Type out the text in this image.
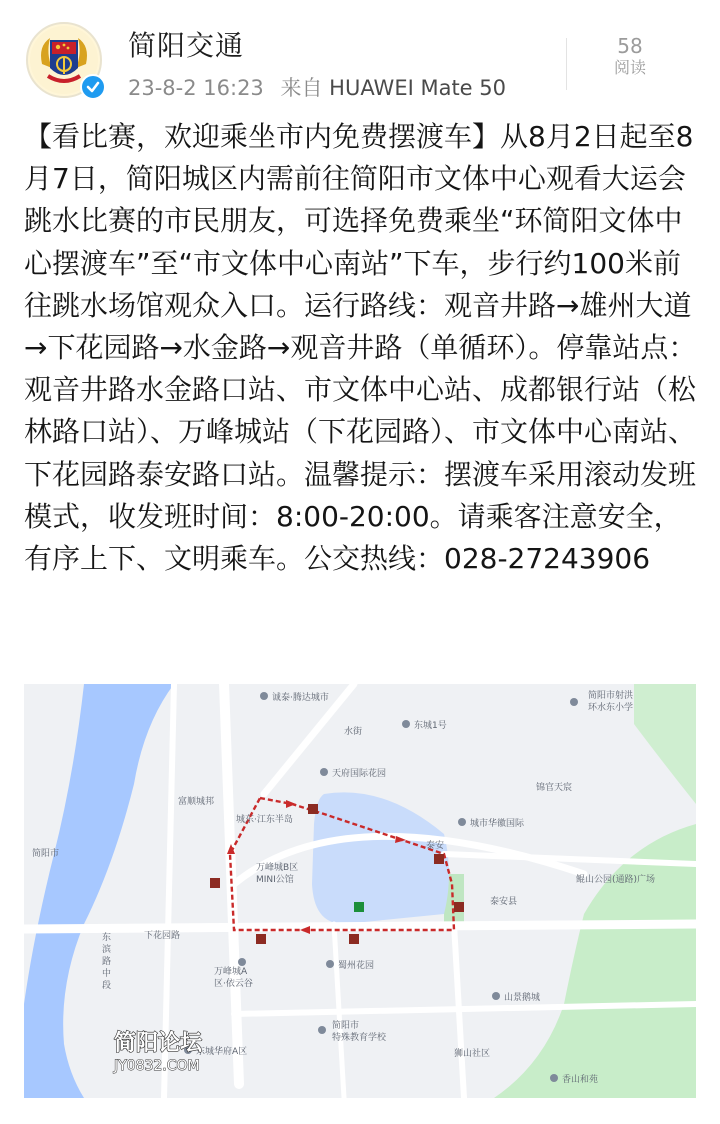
简阳交通
23-8-2 16:23 来自 HUAWEI Mate 50
58
阅读

【看比赛，欢迎乘坐市内免费摆渡车】从8月2日起至8月7日，简阳城区内需前往简阳市文体中心观看大运会跳水比赛的市民朋友，可选择免费乘坐“环简阳文体中心摆渡车”至“市文体中心南站”下车，步行约100米前往跳水场馆观众入口。运行路线：观音井路→雄州大道→下花园路→水金路→观音井路（单循环）。停靠站点：观音井路水金路口站、市文体中心站、成都银行站（松林路口站）、万峰城站（下花园路）、市文体中心南站、下花园路泰安路口站。温馨提示：摆渡车采用滚动发班模式，收发班时间：8:00-20:00。请乘客注意安全，有序上下、文明乘车。公交热线：028-27243906

诚泰·腾达城市
东城1号
简阳市射洪
环水东小学
水街
天府国际花园
锦官天宸
富顺城邦
城东·江东半岛	城市华徽国际
泰安
简阳市
万峰城B区
MINI公馆
泰安县
鲲山公园(通路)广场
东
滨
路
中
段
下花园路
万峰城A
区·依云谷
蜀州花园
山景鹅城
简阳市
特殊教育学校
东城华府A区	狮山社区
香山和苑
简阳论坛
JY0832.COM
